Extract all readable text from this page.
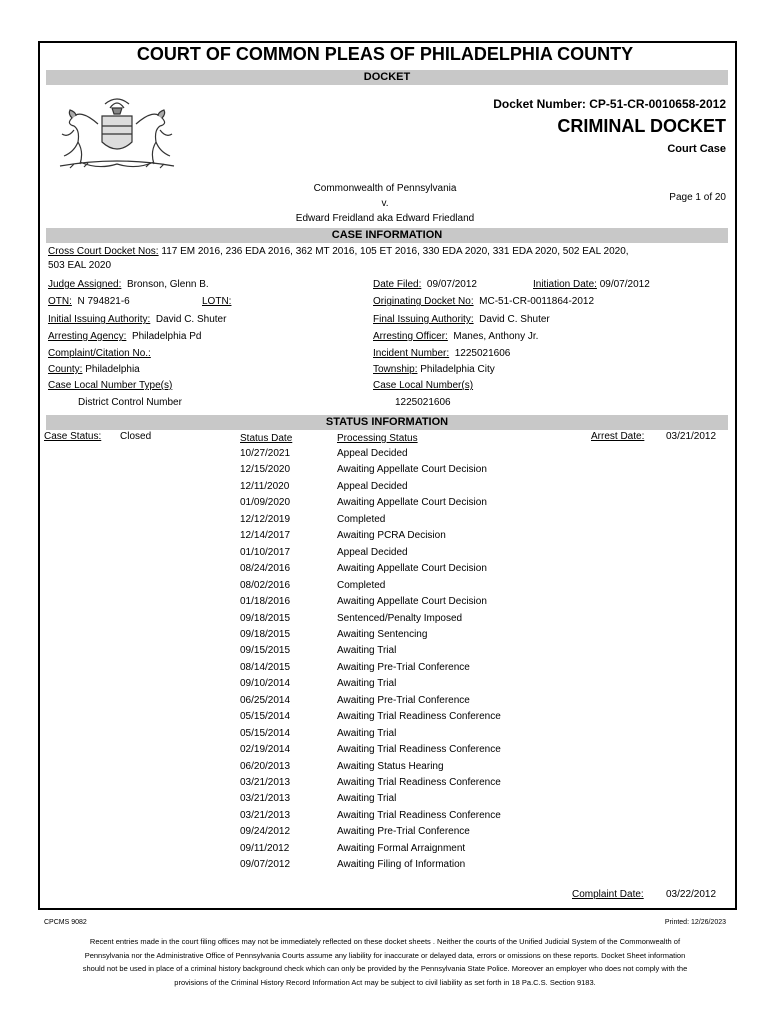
COURT OF COMMON PLEAS OF PHILADELPHIA COUNTY
DOCKET
Docket Number: CP-51-CR-0010658-2012
CRIMINAL DOCKET
Court Case
Commonwealth of Pennsylvania
v.
Edward Freidland aka Edward Friedland
Page 1 of 20
CASE INFORMATION
Cross Court Docket Nos: 117 EM 2016, 236 EDA 2016, 362 MT 2016, 105 ET 2016, 330 EDA 2020, 331 EDA 2020, 502 EAL 2020,
503 EAL 2020
Judge Assigned: Bronson, Glenn B.	Date Filed: 09/07/2012	Initiation Date: 09/07/2012
OTN: N 794821-6	LOTN:	Originating Docket No: MC-51-CR-0011864-2012
Initial Issuing Authority: David C. Shuter	Final Issuing Authority: David C. Shuter
Arresting Agency: Philadelphia Pd	Arresting Officer: Manes, Anthony Jr.
Complaint/Citation No.:	Incident Number: 1225021606
County: Philadelphia	Township: Philadelphia City
Case Local Number Type(s)	Case Local Number(s)
District Control Number	1225021606
STATUS INFORMATION
Case Status: Closed	Status Date	Processing Status	Arrest Date: 03/21/2012
10/27/2021	Appeal Decided
12/15/2020	Awaiting Appellate Court Decision
12/11/2020	Appeal Decided
01/09/2020	Awaiting Appellate Court Decision
12/12/2019	Completed
12/14/2017	Awaiting PCRA Decision
01/10/2017	Appeal Decided
08/24/2016	Awaiting Appellate Court Decision
08/02/2016	Completed
01/18/2016	Awaiting Appellate Court Decision
09/18/2015	Sentenced/Penalty Imposed
09/18/2015	Awaiting Sentencing
09/15/2015	Awaiting Trial
08/14/2015	Awaiting Pre-Trial Conference
09/10/2014	Awaiting Trial
06/25/2014	Awaiting Pre-Trial Conference
05/15/2014	Awaiting Trial Readiness Conference
05/15/2014	Awaiting Trial
02/19/2014	Awaiting Trial Readiness Conference
06/20/2013	Awaiting Status Hearing
03/21/2013	Awaiting Trial Readiness Conference
03/21/2013	Awaiting Trial
03/21/2013	Awaiting Trial Readiness Conference
09/24/2012	Awaiting Pre-Trial Conference
09/11/2012	Awaiting Formal Arraignment
09/07/2012	Awaiting Filing of Information
Complaint Date: 03/22/2012
CPCMS 9082	Printed: 12/26/2023
Recent entries made in the court filing offices may not be immediately reflected on these docket sheets . Neither the courts of the Unified Judicial System of the Commonwealth of Pennsylvania nor the Administrative Office of Pennsylvania Courts assume any liability for inaccurate or delayed data, errors or omissions on these reports. Docket Sheet information should not be used in place of a criminal history background check which can only be provided by the Pennsylvania State Police. Moreover an employer who does not comply with the provisions of the Criminal History Record Information Act may be subject to civil liability as set forth in 18 Pa.C.S. Section 9183.
